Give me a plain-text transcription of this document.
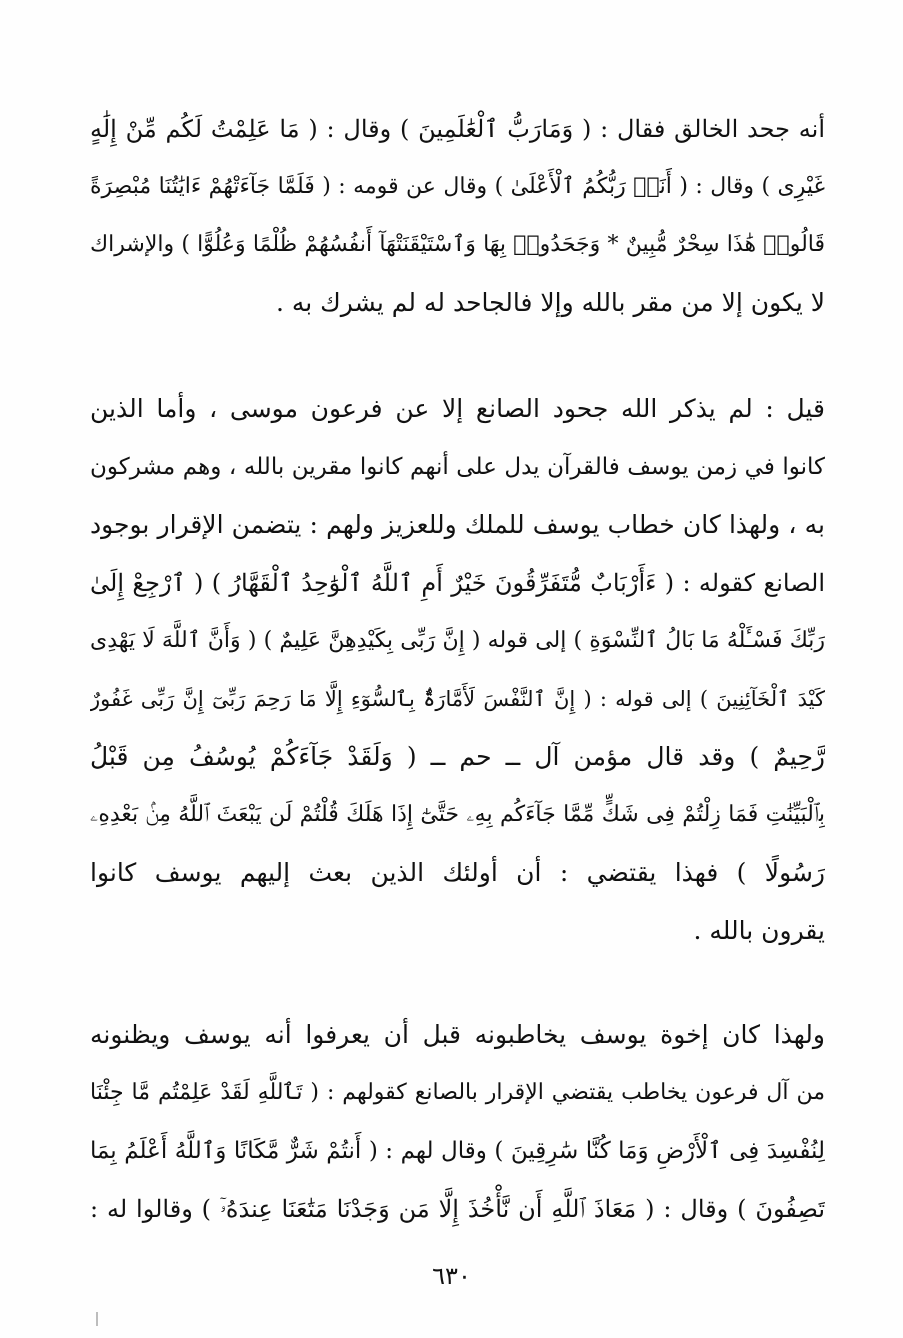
أنه جحد الخالق فقال : ( وَمَارَبُّ ٱلْعَٰلَمِينَ ) وقال : ( مَا عَلِمْتُ لَكُم مِّنْ إِلَٰهٍ
غَيْرِى ) وقال : ( أَنَا۠ رَبُّكُمُ ٱلْأَعْلَىٰ ) وقال عن قومه : ( فَلَمَّا جَآءَتْهُمْ ءَايَٰتُنَا مُبْصِرَةً
قَالُوا۟ هَٰذَا سِحْرٌ مُّبِينٌ * وَجَحَدُوا۟ بِهَا وَٱسْتَيْقَنَتْهَآ أَنفُسُهُمْ ظُلْمًا وَعُلُوًّا ) والإشراك
لا يكون إلا من مقر بالله وإلا فالجاحد له لم يشرك به .
قيل : لم يذكر الله جحود الصانع إلا عن فرعون موسى ، وأما الذين
كانوا في زمن يوسف فالقرآن يدل على أنهم كانوا مقرين بالله ، وهم مشركون
به ، ولهذا كان خطاب يوسف للملك وللعزيز ولهم : يتضمن الإقرار بوجود
الصانع كقوله : ( ءَأَرْبَابٌ مُّتَفَرِّقُونَ خَيْرٌ أَمِ ٱللَّهُ ٱلْوَٰحِدُ ٱلْقَهَّارُ ) ( ٱرْجِعْ إِلَىٰ
رَبِّكَ فَسْـَٔلْهُ مَا بَالُ ٱلنِّسْوَةِ ) إلى قوله ( إِنَّ رَبِّى بِكَيْدِهِنَّ عَلِيمٌ ) ( وَأَنَّ ٱللَّهَ لَا يَهْدِى
كَيْدَ ٱلْخَآئِنِينَ ) إلى قوله : ( إِنَّ ٱلنَّفْسَ لَأَمَّارَةٌۢ بِٱلسُّوٓءِ إِلَّا مَا رَحِمَ رَبِّىٓ إِنَّ رَبِّى غَفُورٌ
رَّحِيمٌ ) وقد قال مؤمن آل ــ حم ــ ( وَلَقَدْ جَآءَكُمْ يُوسُفُ مِن قَبْلُ
بِٱلْبَيِّنَٰتِ فَمَا زِلْتُمْ فِى شَكٍّ مِّمَّا جَآءَكُم بِهِۦ حَتَّىٰٓ إِذَا هَلَكَ قُلْتُمْ لَن يَبْعَثَ ٱللَّهُ مِنۢ بَعْدِهِۦ
رَسُولًا ) فهذا يقتضي : أن أولئك الذين بعث إليهم يوسف كانوا
يقرون بالله .
ولهذا كان إخوة يوسف يخاطبونه قبل أن يعرفوا أنه يوسف ويظنونه
من آل فرعون يخاطب يقتضي الإقرار بالصانع كقولهم : ( تَٱللَّهِ لَقَدْ عَلِمْتُم مَّا جِئْنَا
لِنُفْسِدَ فِى ٱلْأَرْضِ وَمَا كُنَّا سَٰرِقِينَ ) وقال لهم : ( أَنتُمْ شَرٌّ مَّكَانًا وَٱللَّهُ أَعْلَمُ بِمَا
تَصِفُونَ ) وقال : ( مَعَاذَ ٱللَّهِ أَن نَّأْخُذَ إِلَّا مَن وَجَدْنَا مَتَٰعَنَا عِندَهُۥٓ ) وقالوا له :
٦٣٠
